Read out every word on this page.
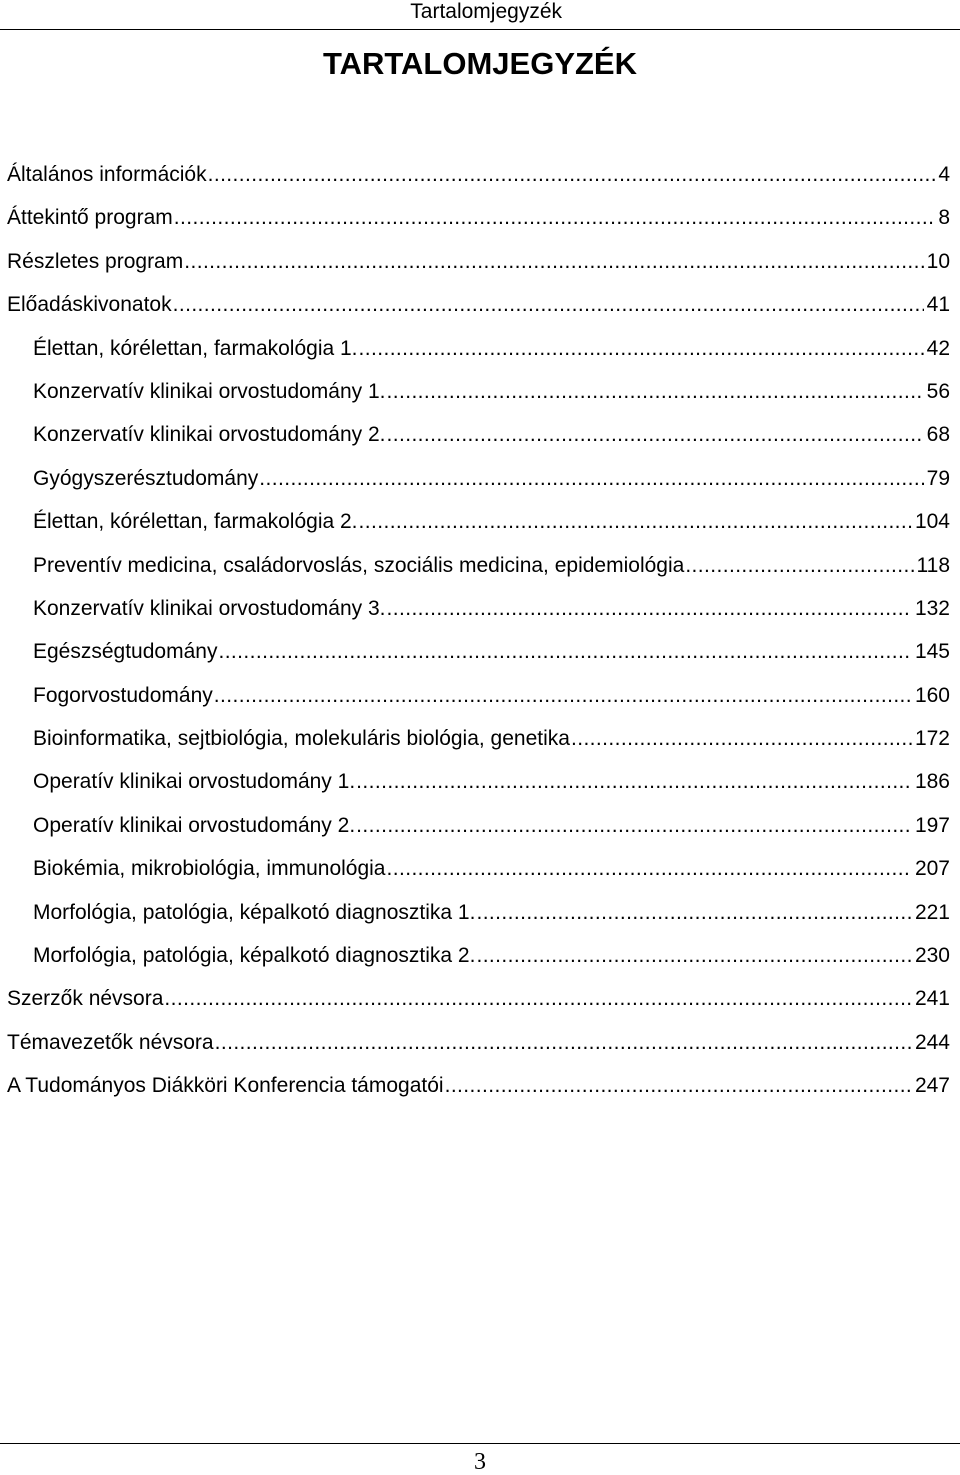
Tartalomjegyzék
TARTALOMJEGYZÉK
Általános információk .....	4
Áttekintő program .....	8
Részletes program .....	10
Előadáskivonatok .....	41
Élettan, kórélettan, farmakológia 1. .....	42
Konzervatív klinikai orvostudomány 1. .....	56
Konzervatív klinikai orvostudomány 2. .....	68
Gyógyszerésztudomány .....	79
Élettan, kórélettan, farmakológia 2. .....	104
Preventív medicina, családorvoslás, szociális medicina, epidemiológia .....	118
Konzervatív klinikai orvostudomány 3. .....	132
Egészségtudomány .....	145
Fogorvostudomány .....	160
Bioinformatika, sejtbiológia, molekuláris biológia, genetika .....	172
Operatív klinikai orvostudomány 1. .....	186
Operatív klinikai orvostudomány 2. .....	197
Biokémia, mikrobiológia, immunológia .....	207
Morfológia, patológia, képalkotó diagnosztika 1. .....	221
Morfológia, patológia, képalkotó diagnosztika 2. .....	230
Szerzők névsora .....	241
Témavezetők névsora .....	244
A Tudományos Diákköri Konferencia támogatói .....	247
3
